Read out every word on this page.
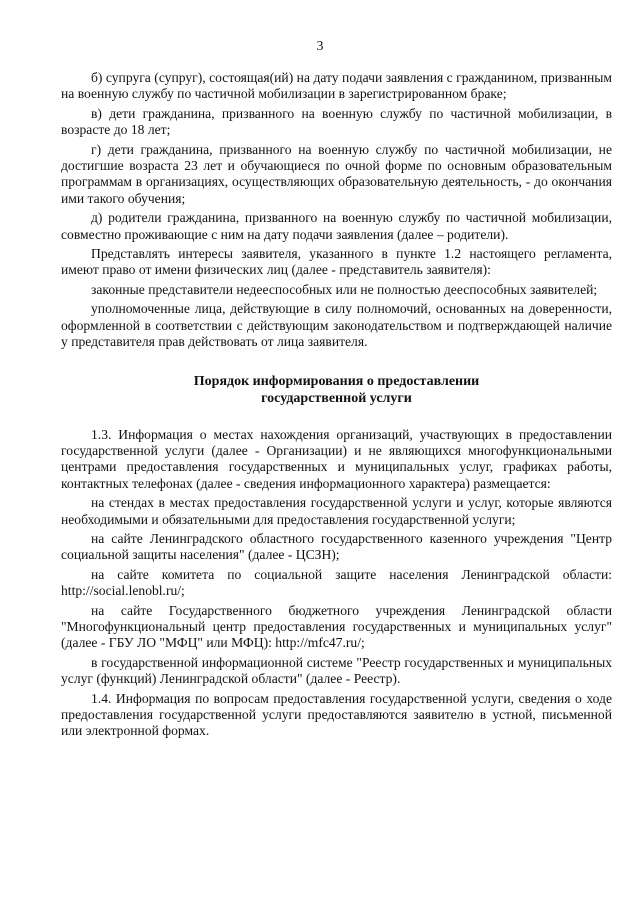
3

б) супруга (супруг), состоящая(ий) на дату подачи заявления с гражданином, призванным на военную службу по частичной мобилизации в зарегистрированном браке;

в) дети гражданина, призванного на военную службу по частичной мобилизации, в возрасте до 18 лет;

г) дети гражданина, призванного на военную службу по частичной мобилизации, не достигшие возраста 23 лет и обучающиеся по очной форме по основным образовательным программам в организациях, осуществляющих образовательную деятельность, - до окончания ими такого обучения;

д) родители гражданина, призванного на военную службу по частичной мобилизации, совместно проживающие с ним на дату подачи заявления (далее – родители).

Представлять интересы заявителя, указанного в пункте 1.2 настоящего регламента, имеют право от имени физических лиц (далее - представитель заявителя):

законные представители недееспособных или не полностью дееспособных заявителей;

уполномоченные лица, действующие в силу полномочий, основанных на доверенности, оформленной в соответствии с действующим законодательством и подтверждающей наличие у представителя прав действовать от лица заявителя.

Порядок информирования о предоставлении
государственной услуги

1.3. Информация о местах нахождения организаций, участвующих в предоставлении государственной услуги (далее - Организации) и не являющихся многофункциональными центрами предоставления государственных и муниципальных услуг, графиках работы, контактных телефонах (далее - сведения информационного характера) размещается:

на стендах в местах предоставления государственной услуги и услуг, которые являются необходимыми и обязательными для предоставления государственной услуги;

на сайте Ленинградского областного государственного казенного учреждения "Центр социальной защиты населения" (далее - ЦСЗН);

на сайте комитета по социальной защите населения Ленинградской области: http://social.lenobl.ru/;

на сайте Государственного бюджетного учреждения Ленинградской области "Многофункциональный центр предоставления государственных и муниципальных услуг" (далее - ГБУ ЛО "МФЦ" или МФЦ): http://mfc47.ru/;

в государственной информационной системе "Реестр государственных и муниципальных услуг (функций) Ленинградской области" (далее - Реестр).

1.4. Информация по вопросам предоставления государственной услуги, сведения о ходе предоставления государственной услуги предоставляются заявителю в устной, письменной или электронной формах.
